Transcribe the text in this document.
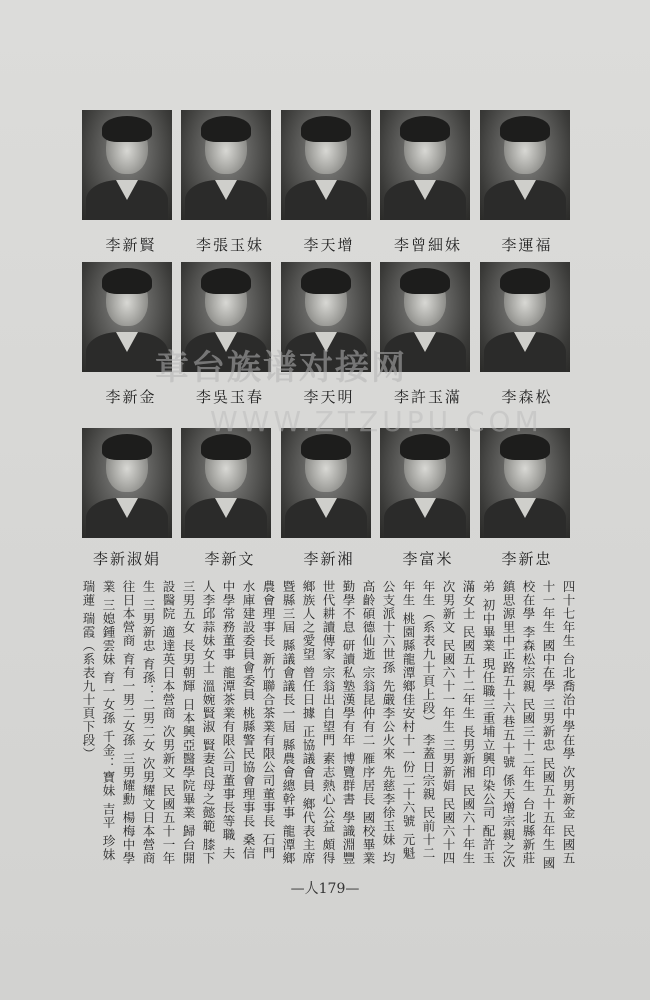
李新賢	李張玉妹	李天增	李曾細妹	李運福
李新金	李吳玉春	李天明	李許玉滿	李森松
李新淑娟	李新文	李新湘	李富米	李新忠
章台族谱对接网
WWW.ZTZUPU.COM

四十七年生 台北喬治中學在學 次男新金 民國五十一年生 國中在學 三男新忠 民國五十五年生 國校在學 李森松宗親 民國三十二年生 台北縣新莊鎮思源里中正路五十六巷五十號 係天增宗親之次弟 初中畢業 現任職三重埔立興印染公司 配許玉滿女士 民國五十二年生 長男新湘 民國六十年生 次男新文 民國六十一年生 三男新娟 民國六十四年生（系表九十頁上段） 李蓋日宗親 民前十二年生 桃園縣龍潭鄉佳安村十一份二十六號 元魁公支派十六世孫 先嚴李公火來 先慈李徐玉妹 均高齡碩德仙逝 宗翁昆仲有二 雁序居長 國校畢業 勤學不息 研讀私塾漢學有年 博覽群書 學識淵豐 世代耕讀傳家 宗翁出自望門 素志熱心公益 頗得鄉族人之愛望 曾任日據 正協議會員 鄉代表主席暨縣三屆 縣議會議長一屆 縣農會總幹事 龍潭鄉農會理事長 新竹聯合茶業有限公司董事長 石門水庫建設委員會委員 桃縣警民協會理事長 桑信中學常務董事 龍潭茶業有限公司董事長等職 夫人李邱蒜妹女士 溫婉賢淑 賢妻良母之懿範 膝下三男五女 長男朝輝 日本興亞醫學院畢業 歸台開設醫院 適達英日本營商 次男新文 民國五十一年生 三男新忠 育孫：二男二女 次男耀文日本營商 往日本營商 育有一男二女孫 三男耀勳 楊梅中學業 三媳鍾雲妹 育一女孫 千金：寶妹 吉平 珍妹 瑞蓮 瑞霞（系表九十頁下段）

—人179—
